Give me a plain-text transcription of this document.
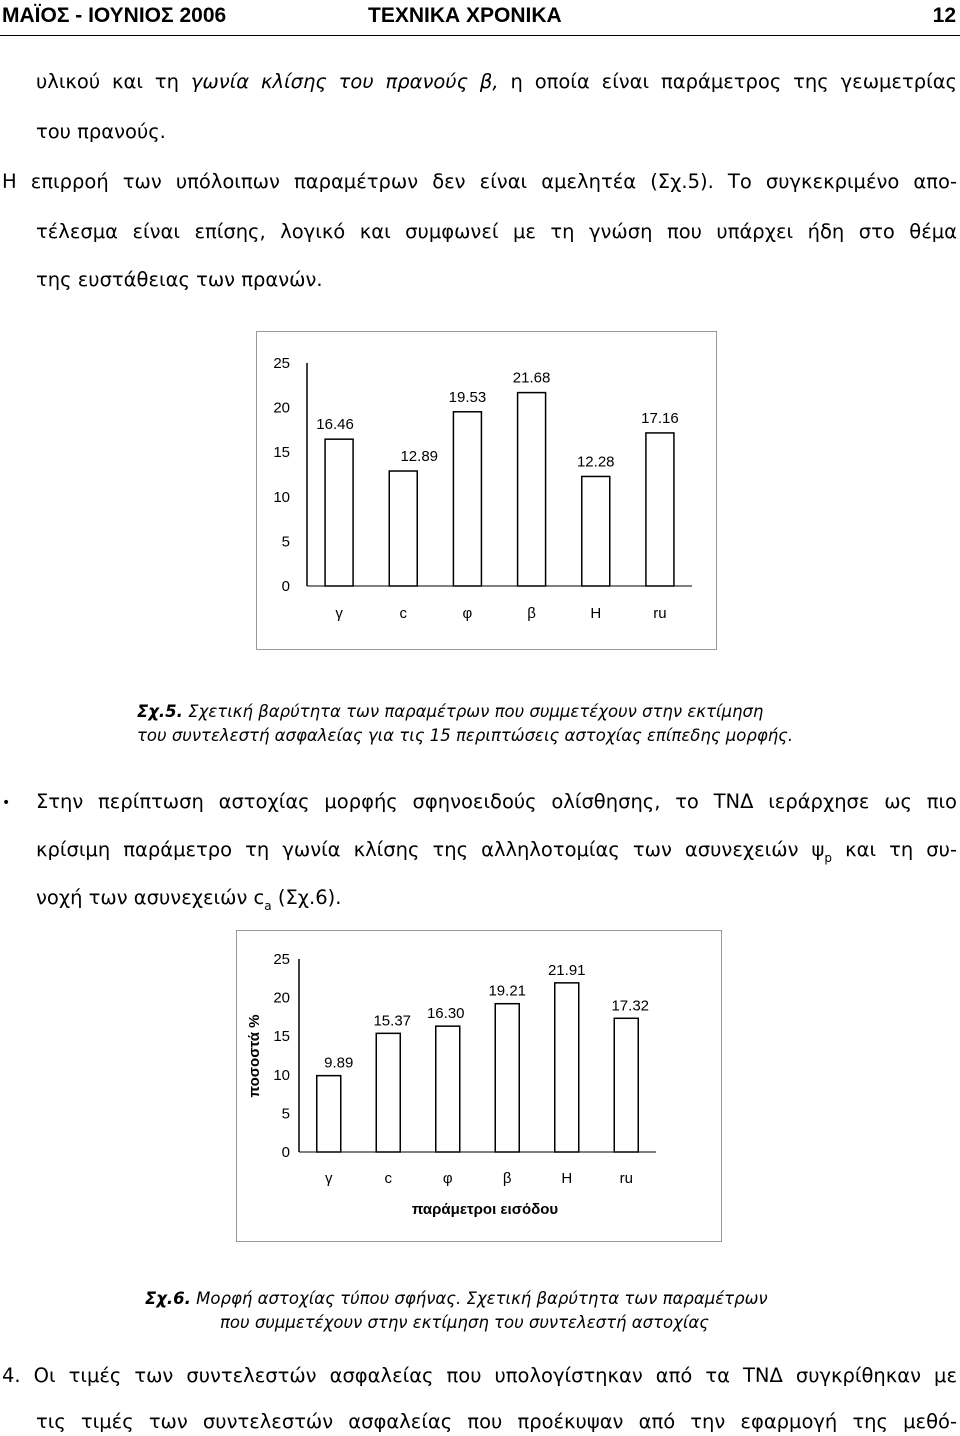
ΜΑΪΟΣ - ΙΟΥΝΙΟΣ 2006	ΤΕΧΝΙΚΑ ΧΡΟΝΙΚΑ	12

υλικού και τη γωνία κλίσης του πρανούς β, η οποία είναι παράμετρος της γεωμετρίας

του πρανούς.

Η επιρροή των υπόλοιπων παραμέτρων δεν είναι αμελητέα (Σχ.5). Το συγκεκριμένο απο-

τέλεσμα είναι επίσης, λογικό και συμφωνεί με τη γνώση που υπάρχει ήδη στο θέμα

της ευστάθειας των πρανών.

0
5
10
15
20
25
16.46
γ
12.89
c
19.53
φ
21.68
β
12.28
H
17.16
ru

Σχ.5. Σχετική βαρύτητα των παραμέτρων που συμμετέχουν στην εκτίμηση

του συντελεστή ασφαλείας για τις 15 περιπτώσεις αστοχίας επίπεδης μορφής.

• Στην περίπτωση αστοχίας μορφής σφηνοειδούς ολίσθησης, το ΤΝΔ ιεράρχησε ως πιο

κρίσιμη παράμετρο τη γωνία κλίσης της αλληλοτομίας των ασυνεχειών $\psi_p$ και τη συ-

νοχή των ασυνεχειών $c_a$ (Σχ.6).

0
5
10
15
20
25
9.89
γ
15.37
c
16.30
φ
19.21
β
21.91
H
17.32
ru
ποσοστά %
παράμετροι εισόδου

Σχ.6. Μορφή αστοχίας τύπου σφήνας. Σχετική βαρύτητα των παραμέτρων

που συμμετέχουν στην εκτίμηση του συντελεστή αστοχίας

4. Οι τιμές των συντελεστών ασφαλείας που υπολογίστηκαν από τα ΤΝΔ συγκρίθηκαν με

τις τιμές των συντελεστών ασφαλείας που προέκυψαν από την εφαρμογή της μεθό-
